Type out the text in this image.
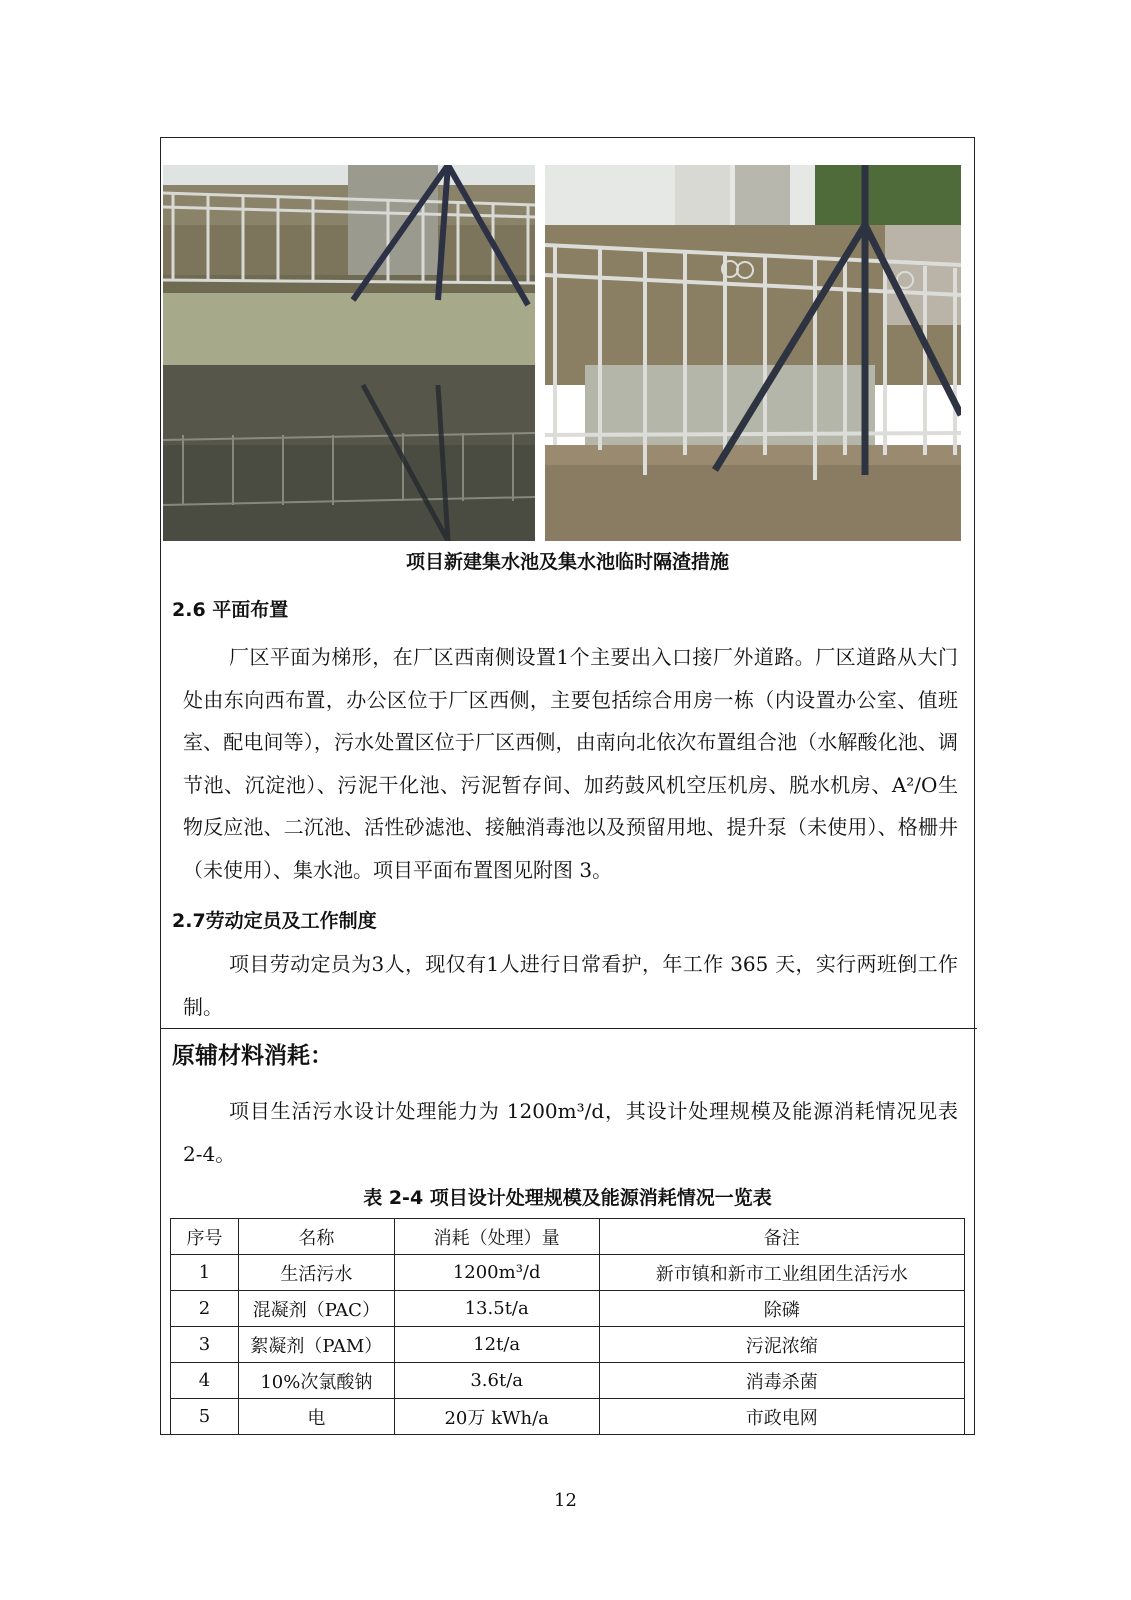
项目新建集水池及集水池临时隔渣措施
2.6 平面布置

厂区平面为梯形，在厂区西南侧设置1个主要出入口接厂外道路。厂区道路从大门处由东向西布置，办公区位于厂区西侧，主要包括综合用房一栋（内设置办公室、值班室、配电间等），污水处置区位于厂区西侧，由南向北依次布置组合池（水解酸化池、调节池、沉淀池）、污泥干化池、污泥暂存间、加药鼓风机空压机房、脱水机房、A²/O生物反应池、二沉池、活性砂滤池、接触消毒池以及预留用地、提升泵（未使用）、格栅井（未使用）、集水池。项目平面布置图见附图 3。

2.7劳动定员及工作制度

项目劳动定员为3人，现仅有1人进行日常看护，年工作 365 天，实行两班倒工作制。

原辅材料消耗：

项目生活污水设计处理能力为 1200m³/d，其设计处理规模及能源消耗情况见表 2-4。

表 2-4 项目设计处理规模及能源消耗情况一览表
序号	名称	消耗（处理）量	备注
1	生活污水	1200m³/d	新市镇和新市工业组团生活污水
2	混凝剂（PAC）	13.5t/a	除磷
3	絮凝剂（PAM）	12t/a	污泥浓缩
4	10%次氯酸钠	3.6t/a	消毒杀菌
5	电	20万 kWh/a	市政电网
12
